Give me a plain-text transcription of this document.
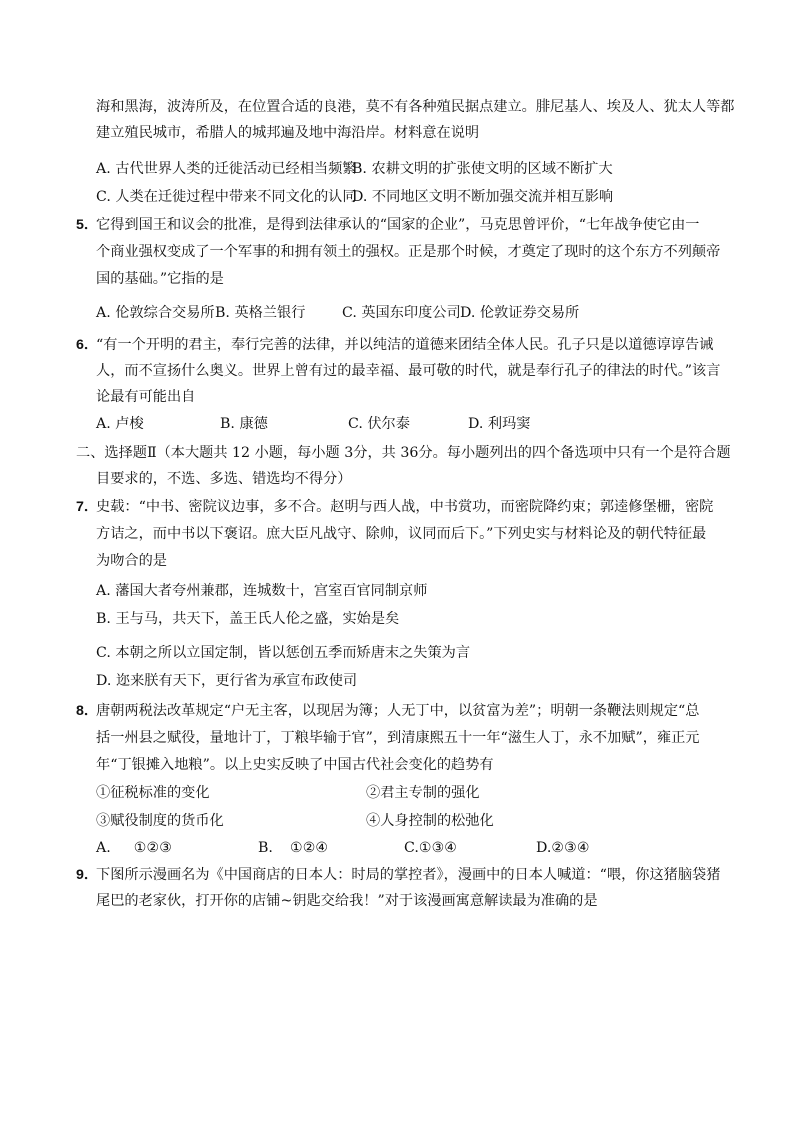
海和黑海，波涛所及，在位置合适的良港，莫不有各种殖民据点建立。腓尼基人、埃及人、犹太人等都
建立殖民城市，希腊人的城邦遍及地中海沿岸。材料意在说明
A. 古代世界人类的迁徙活动已经相当频繁
B. 农耕文明的扩张使文明的区域不断扩大
C. 人类在迁徙过程中带来不同文化的认同
D. 不同地区文明不断加强交流并相互影响
5．
它得到国王和议会的批准，是得到法律承认的“国家的企业”，马克思曾评价，“七年战争使它由一
个商业强权变成了一个军事的和拥有领土的强权。正是那个时候，才奠定了现时的这个东方不列颠帝
国的基础。”它指的是
A. 伦敦综合交易所 B. 英格兰银行	C. 英国东印度公司 D. 伦敦证券交易所
6．
“有一个开明的君主，奉行完善的法律，并以纯洁的道德来团结全体人民。孔子只是以道德谆谆告诫
人，而不宣扬什么奥义。世界上曾有过的最幸福、最可敬的时代，就是奉行孔子的律法的时代。”该言
论最有可能出自
A. 卢梭	B. 康德	C. 伏尔泰	D. 利玛窦
二、选择题Ⅱ（本大题共 12 小题，每小题 3分，共 36分。每小题列出的四个备选项中只有一个是符合题
目要求的，不选、多选、错选均不得分）
7．
史载：“中书、密院议边事，多不合。赵明与西人战，中书赏功，而密院降约束；郭逵修堡栅，密院
方诘之，而中书以下褒诏。庶大臣凡战守、除帅，议同而后下。”下列史实与材料论及的朝代特征最
为吻合的是
A. 藩国大者夸州兼郡，连城数十，宫室百官同制京师
B. 王与马，共天下，盖王氏人伦之盛，实始是矣
C. 本朝之所以立国定制，皆以惩创五季而矫唐末之失策为言
D. 迩来朕有天下，更行省为承宣布政使司
8．
唐朝两税法改革规定“户无主客，以现居为簿；人无丁中，以贫富为差”；明朝一条鞭法则规定“总
括一州县之赋役，量地计丁，丁粮毕输于官”，到清康熙五十一年“滋生人丁，永不加赋”，雍正元
年“丁银摊入地粮”。以上史实反映了中国古代社会变化的趋势有
①征税标准的变化	②君主专制的强化
③赋役制度的货币化	④人身控制的松弛化
A. ①②③	B. ①②④	C.①③④	D.②③④
9．
下图所示漫画名为《中国商店的日本人：时局的掌控者》，漫画中的日本人喊道：“喂，你这猪脑袋猪
尾巴的老家伙，打开你的店铺~钥匙交给我！”对于该漫画寓意解读最为准确的是
